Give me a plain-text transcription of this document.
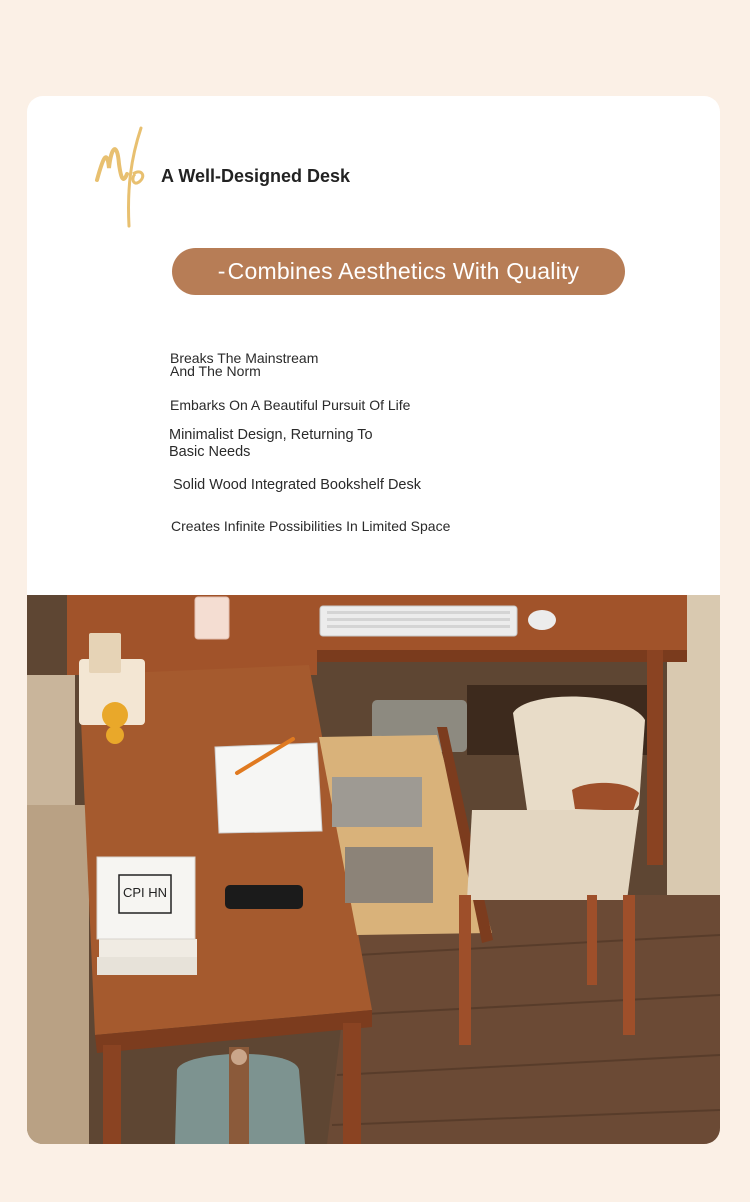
A Well-Designed Desk
- Combines Aesthetics With Quality
Breaks The Mainstream
And The Norm
Embarks On A Beautiful Pursuit Of Life
Minimalist Design, Returning To
Basic Needs
Solid Wood Integrated Bookshelf Desk
Creates Infinite Possibilities In Limited Space
CPI HN
